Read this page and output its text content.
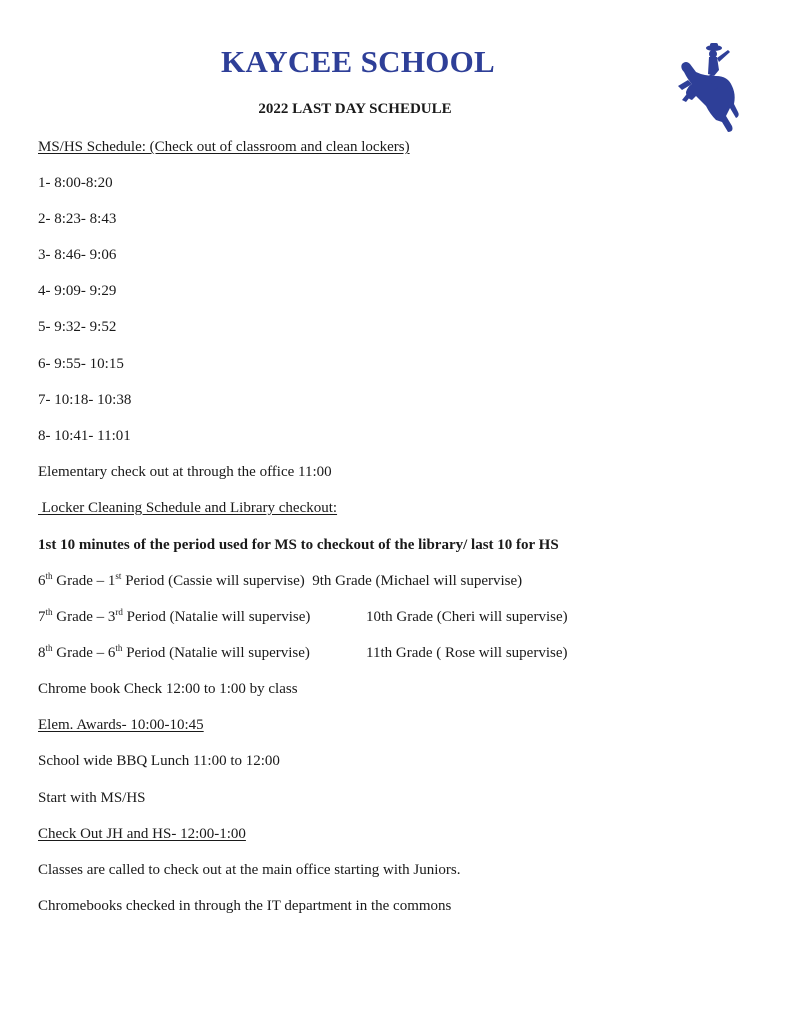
KAYCEE SCHOOL
2022 LAST DAY SCHEDULE
MS/HS Schedule: (Check out of classroom and clean lockers)
1- 8:00-8:20
2- 8:23- 8:43
3- 8:46- 9:06
4- 9:09- 9:29
5- 9:32- 9:52
6- 9:55- 10:15
7- 10:18- 10:38
8- 10:41- 11:01
Elementary check out at through the office 11:00
Locker Cleaning Schedule and Library checkout:
1st 10 minutes of the period used for MS to checkout of the library/ last 10 for HS
6th Grade – 1st Period (Cassie will supervise)  9th Grade (Michael will supervise)
7th Grade – 3rd Period (Natalie will supervise)	10th Grade (Cheri will supervise)
8th Grade – 6th Period (Natalie will supervise)	11th Grade ( Rose will supervise)
Chrome book Check 12:00 to 1:00 by class
Elem. Awards- 10:00-10:45
School wide BBQ Lunch 11:00 to 12:00
Start with MS/HS
Check Out JH and HS- 12:00-1:00
Classes are called to check out at the main office starting with Juniors.
Chromebooks checked in through the IT department in the commons
